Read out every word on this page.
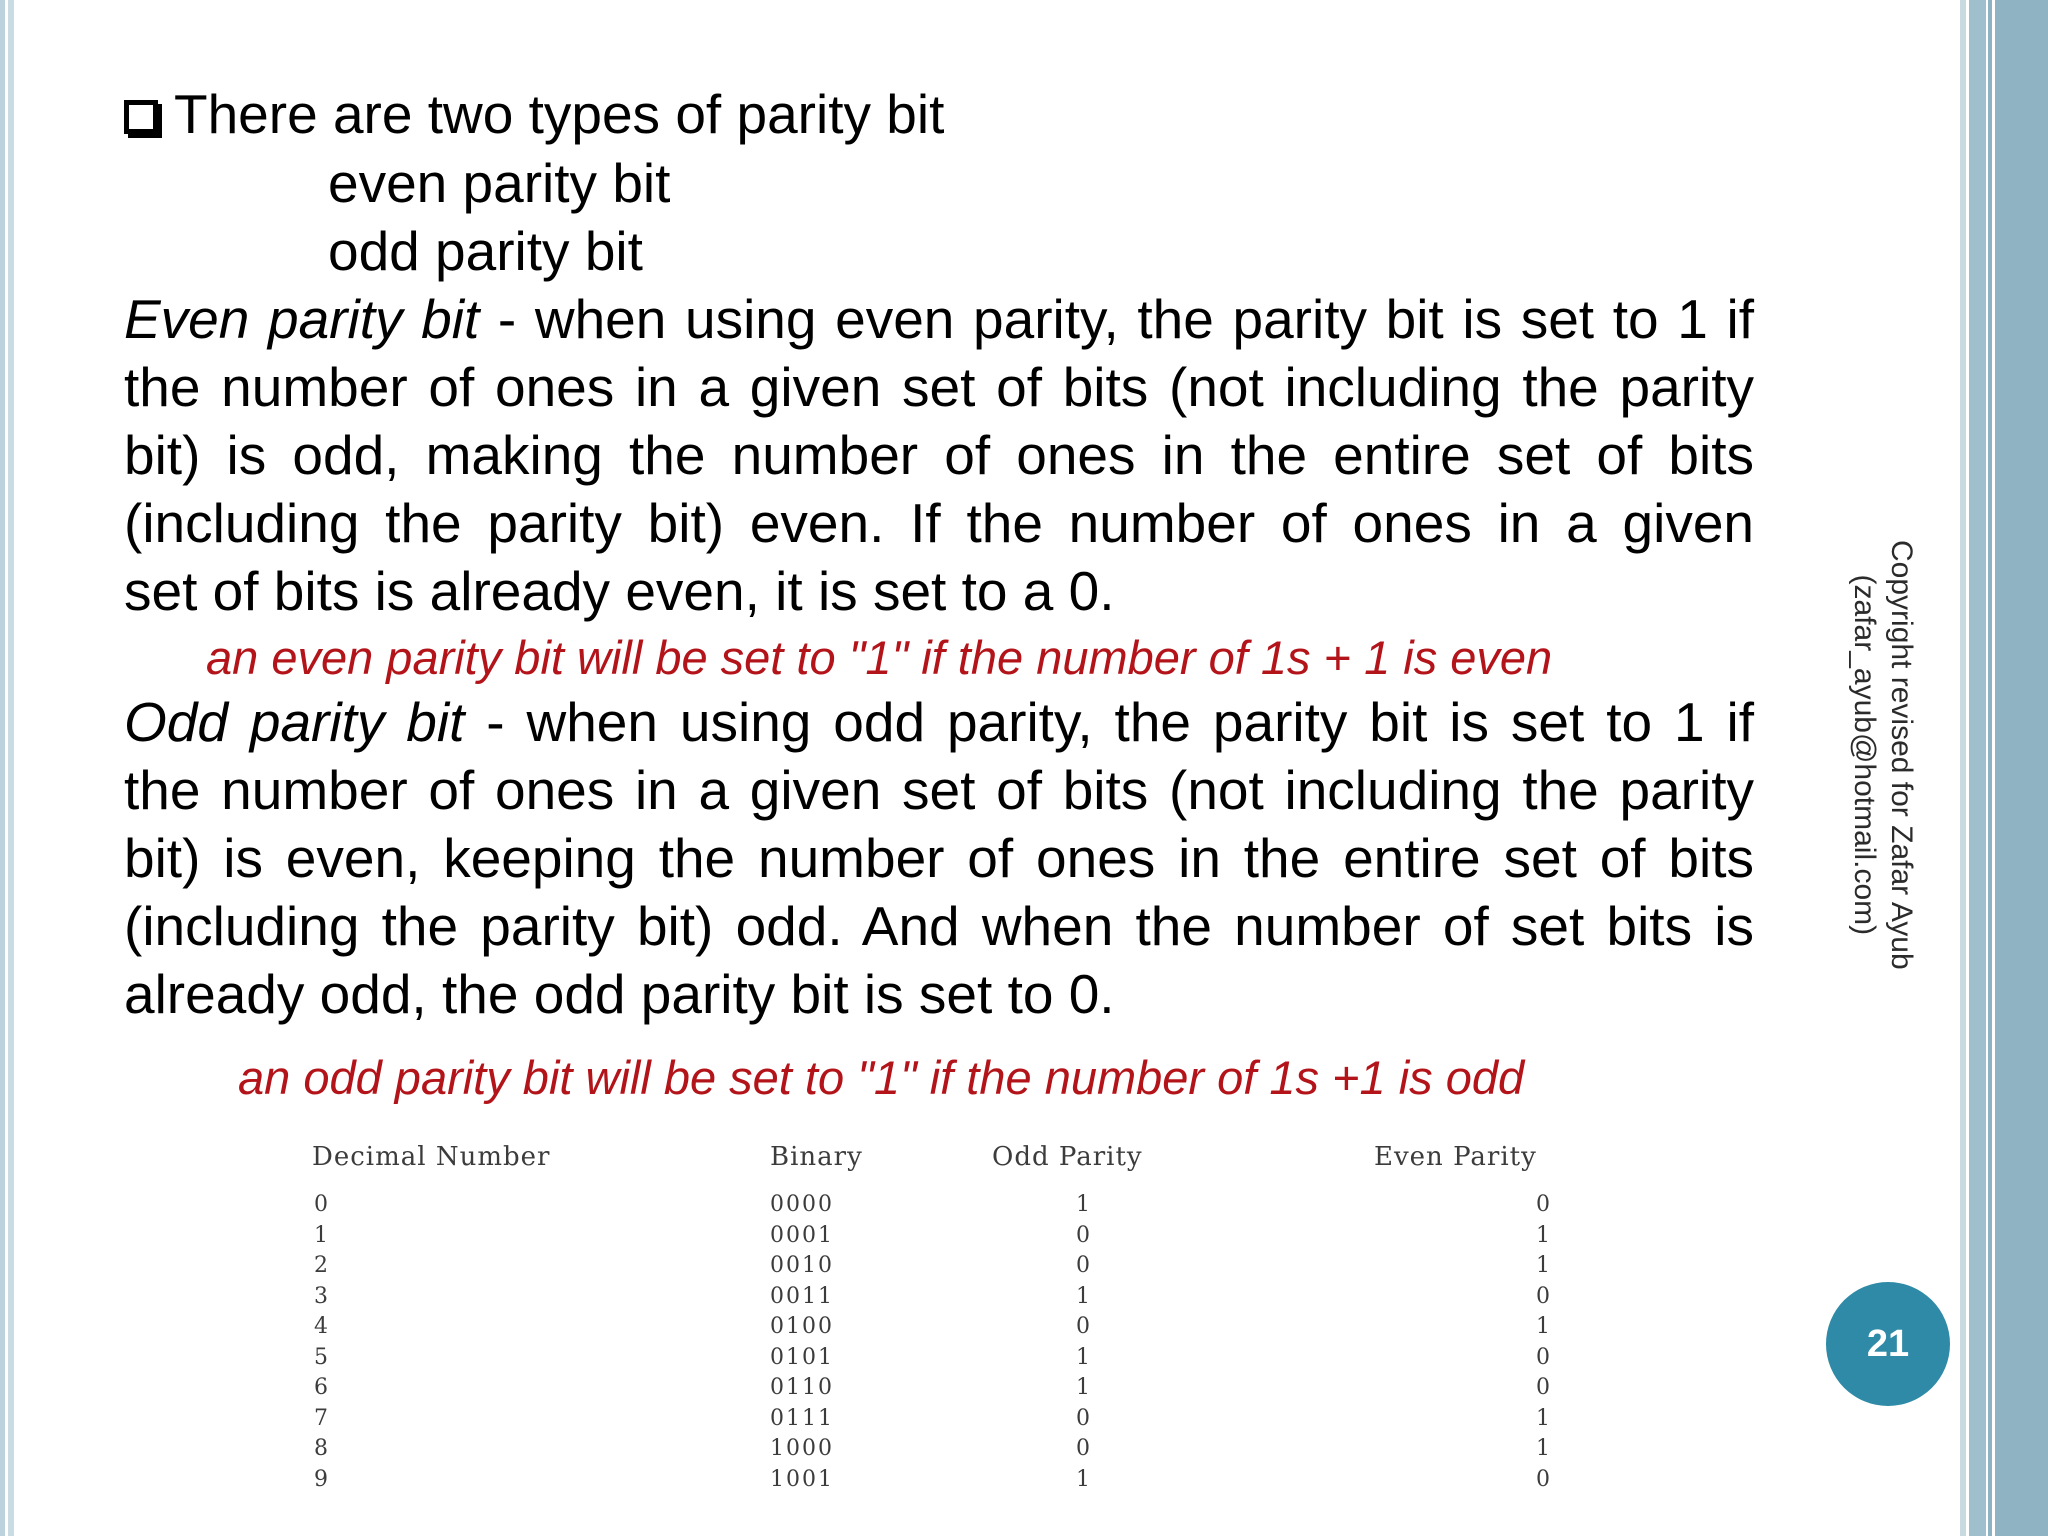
There are two types of parity bit
even parity bit
odd parity bit
Even parity bit - when using even parity, the parity bit is set to 1 if
the number of ones in a given set of bits (not including the parity
bit) is odd, making the number of ones in the entire set of bits
(including the parity bit) even. If the number of ones in a given
set of bits is already even, it is set to a 0.
an even parity bit will be set to "1" if the number of 1s + 1 is even
Odd parity bit - when using odd parity, the parity bit is set to 1 if
the number of ones in a given set of bits (not including the parity
bit) is even, keeping the number of ones in the entire set of bits
(including the parity bit) odd. And when the number of set bits is
already odd, the odd parity bit is set to 0.
an odd parity bit will be set to "1" if the number of 1s +1 is odd
Decimal Number	Binary	Odd Parity	Even Parity
0	0000	1	0
1	0001	0	1
2	0010	0	1
3	0011	1	0
4	0100	0	1
5	0101	1	0
6	0110	1	0
7	0111	0	1
8	1000	0	1
9	1001	1	0
Copyright revised for Zafar Ayub
(zafar_ayub@hotmail.com)
21
